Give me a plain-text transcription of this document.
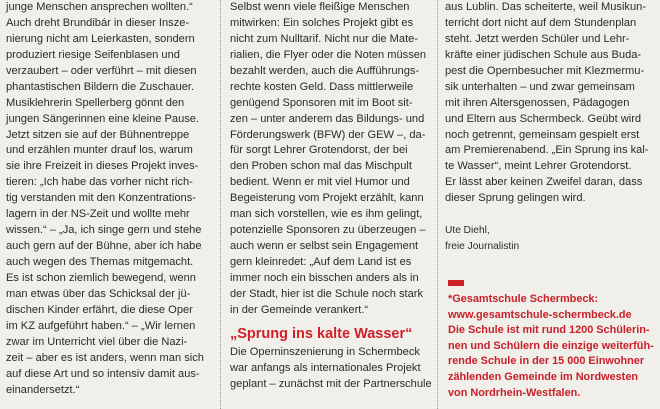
junge Menschen ansprechen wollten.“
Auch dreht Brundibár in dieser Insze-
nierung nicht am Leierkasten, sondern
produziert riesige Seifenblasen und
verzaubert – oder verführt – mit diesen
phantastischen Bildern die Zuschauer.
Musiklehrerin Spellerberg gönnt den
jungen Sängerinnen eine kleine Pause.
Jetzt sitzen sie auf der Bühnentreppe
und erzählen munter drauf los, warum
sie ihre Freizeit in dieses Projekt inves-
tieren: „Ich habe das vorher nicht rich-
tig verstanden mit den Konzentrations-
lagern in der NS-Zeit und wollte mehr
wissen.“ – „Ja, ich singe gern und stehe
auch gern auf der Bühne, aber ich habe
auch wegen des Themas mitgemacht.
Es ist schon ziemlich bewegend, wenn
man etwas über das Schicksal der jü-
dischen Kinder erfährt, die diese Oper
im KZ aufgeführt haben.“ – „Wir lernen
zwar im Unterricht viel über die Nazi-
zeit – aber es ist anders, wenn man sich
auf diese Art und so intensiv damit aus-
einandersetzt.“
Selbst wenn viele fleißige Menschen
mitwirken: Ein solches Projekt gibt es
nicht zum Nulltarif. Nicht nur die Mate-
rialien, die Flyer oder die Noten müssen
bezahlt werden, auch die Aufführungs-
rechte kosten Geld. Dass mittlerweile
genügend Sponsoren mit im Boot sit-
zen – unter anderem das Bildungs- und
Förderungswerk (BFW) der GEW –, da-
für sorgt Lehrer Grotendorst, der bei
den Proben schon mal das Mischpult
bedient. Wenn er mit viel Humor und
Begeisterung vom Projekt erzählt, kann
man sich vorstellen, wie es ihm gelingt,
potenzielle Sponsoren zu überzeugen –
auch wenn er selbst sein Engagement
gern kleinredet: „Auf dem Land ist es
immer noch ein bisschen anders als in
der Stadt, hier ist die Schule noch stark
in der Gemeinde verankert.“
„Sprung ins kalte Wasser“
Die Operninszenierung in Schermbeck
war anfangs als internationales Projekt
geplant – zunächst mit der Partnerschule
aus Lublin. Das scheiterte, weil Musikun-
terricht dort nicht auf dem Stundenplan
steht. Jetzt werden Schüler und Lehr-
kräfte einer jüdischen Schule aus Buda-
pest die Opernbesucher mit Klezmermu-
sik unterhalten – und zwar gemeinsam
mit ihren Altersgenossen, Pädagogen
und Eltern aus Schermbeck. Geübt wird
noch getrennt, gemeinsam gespielt erst
am Premierenabend. „Ein Sprung ins kal-
te Wasser“, meint Lehrer Grotendorst.
Er lässt aber keinen Zweifel daran, dass
dieser Sprung gelingen wird.
Ute Diehl,
freie Journalistin
*Gesamtschule Schermbeck:
www.gesamtschule-schermbeck.de
Die Schule ist mit rund 1200 Schülerin-
nen und Schülern die einzige weiterfüh-
rende Schule in der 15 000 Einwohner
zählenden Gemeinde im Nordwesten
von Nordrhein-Westfalen.
